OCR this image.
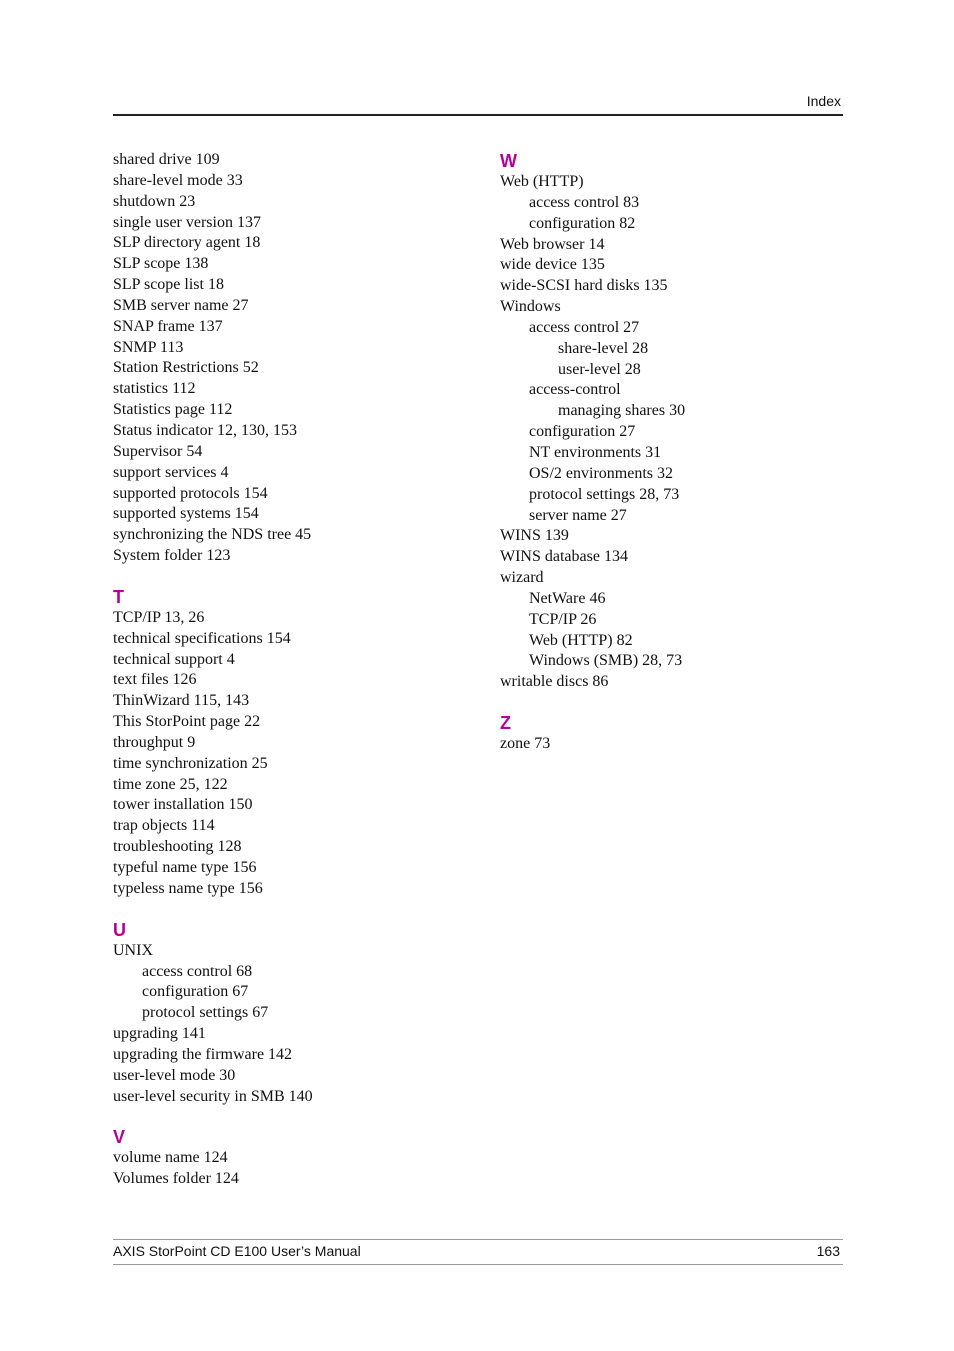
Index
shared drive 109
share-level mode 33
shutdown 23
single user version 137
SLP directory agent 18
SLP scope 138
SLP scope list 18
SMB server name 27
SNAP frame 137
SNMP 113
Station Restrictions 52
statistics 112
Statistics page 112
Status indicator 12, 130, 153
Supervisor 54
support services 4
supported protocols 154
supported systems 154
synchronizing the NDS tree 45
System folder 123
T
TCP/IP 13, 26
technical specifications 154
technical support 4
text files 126
ThinWizard 115, 143
This StorPoint page 22
throughput 9
time synchronization 25
time zone 25, 122
tower installation 150
trap objects 114
troubleshooting 128
typeful name type 156
typeless name type 156
U
UNIX
access control 68
configuration 67
protocol settings 67
upgrading 141
upgrading the firmware 142
user-level mode 30
user-level security in SMB 140
V
volume name 124
Volumes folder 124
W
Web (HTTP)
access control 83
configuration 82
Web browser 14
wide device 135
wide-SCSI hard disks 135
Windows
access control 27
share-level 28
user-level 28
access-control
managing shares 30
configuration 27
NT environments 31
OS/2 environments 32
protocol settings 28, 73
server name 27
WINS 139
WINS database 134
wizard
NetWare 46
TCP/IP 26
Web (HTTP) 82
Windows (SMB) 28, 73
writable discs 86
Z
zone 73
AXIS StorPoint CD E100 User’s Manual	163
